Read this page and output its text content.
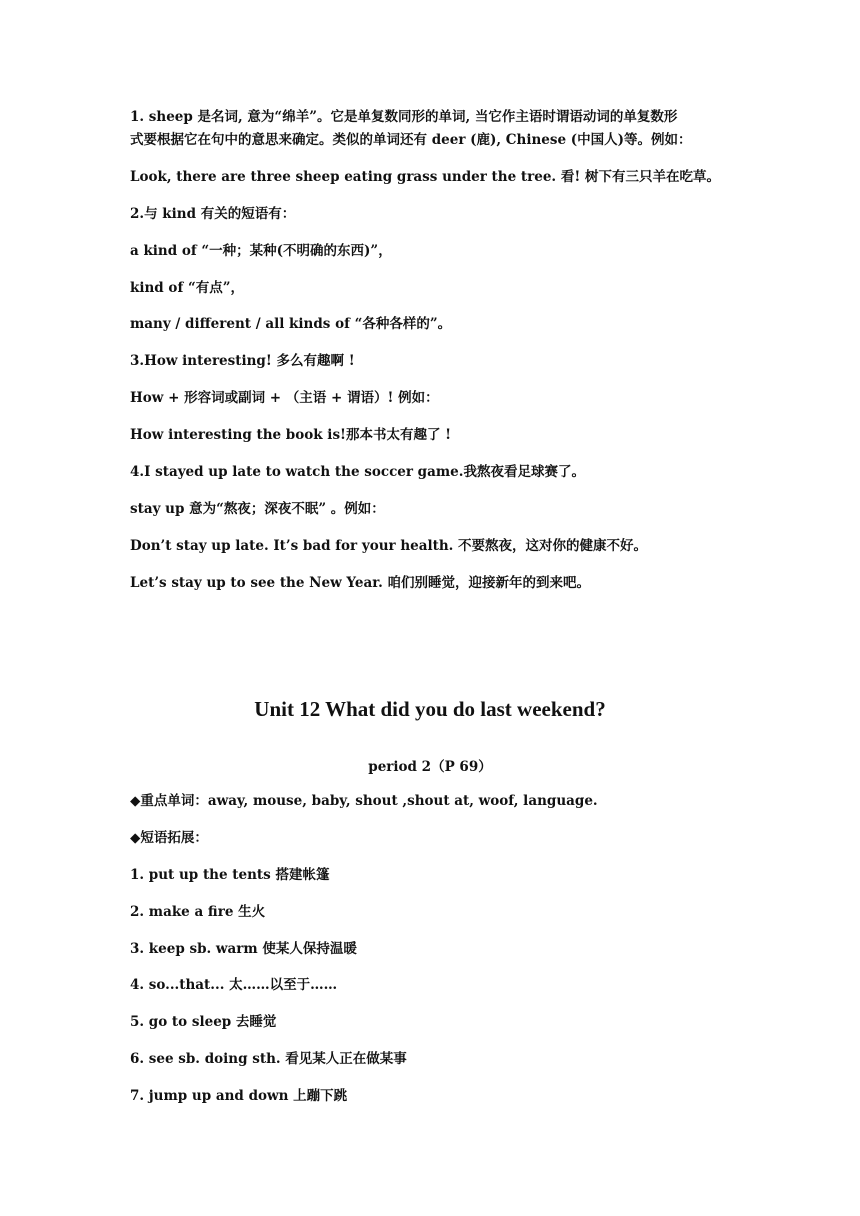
1. sheep 是名词, 意为“绵羊”。它是单复数同形的单词, 当它作主语时谓语动词的单复数形
式要根据它在句中的意思来确定。类似的单词还有 deer (鹿), Chinese (中国人)等。例如：
Look, there are three sheep eating grass under the tree. 看! 树下有三只羊在吃草。
2.与 kind 有关的短语有：
a kind of “一种；某种(不明确的东西)”，
kind of “有点”，
many / different / all kinds of “各种各样的”。
3.How interesting! 多么有趣啊 !
How + 形容词或副词 + （主语 + 谓语）! 例如：
How interesting the book is!那本书太有趣了 !
4.I stayed up late to watch the soccer game.我熬夜看足球赛了。
stay up 意为“熬夜；深夜不眠” 。例如：
Don’t stay up late. It’s bad for your health. 不要熬夜，这对你的健康不好。
Let’s stay up to see the New Year. 咱们别睡觉，迎接新年的到来吧。
Unit 12 What did you do last weekend?
period 2（P 69）
◆重点单词：away, mouse, baby, shout ,shout at, woof, language.
◆短语拓展：
1. put up the tents 搭建帐篷
2. make a fire 生火
3. keep sb. warm 使某人保持温暖
4. so...that... 太……以至于……
5. go to sleep 去睡觉
6. see sb. doing sth. 看见某人正在做某事
7. jump up and down 上蹦下跳
